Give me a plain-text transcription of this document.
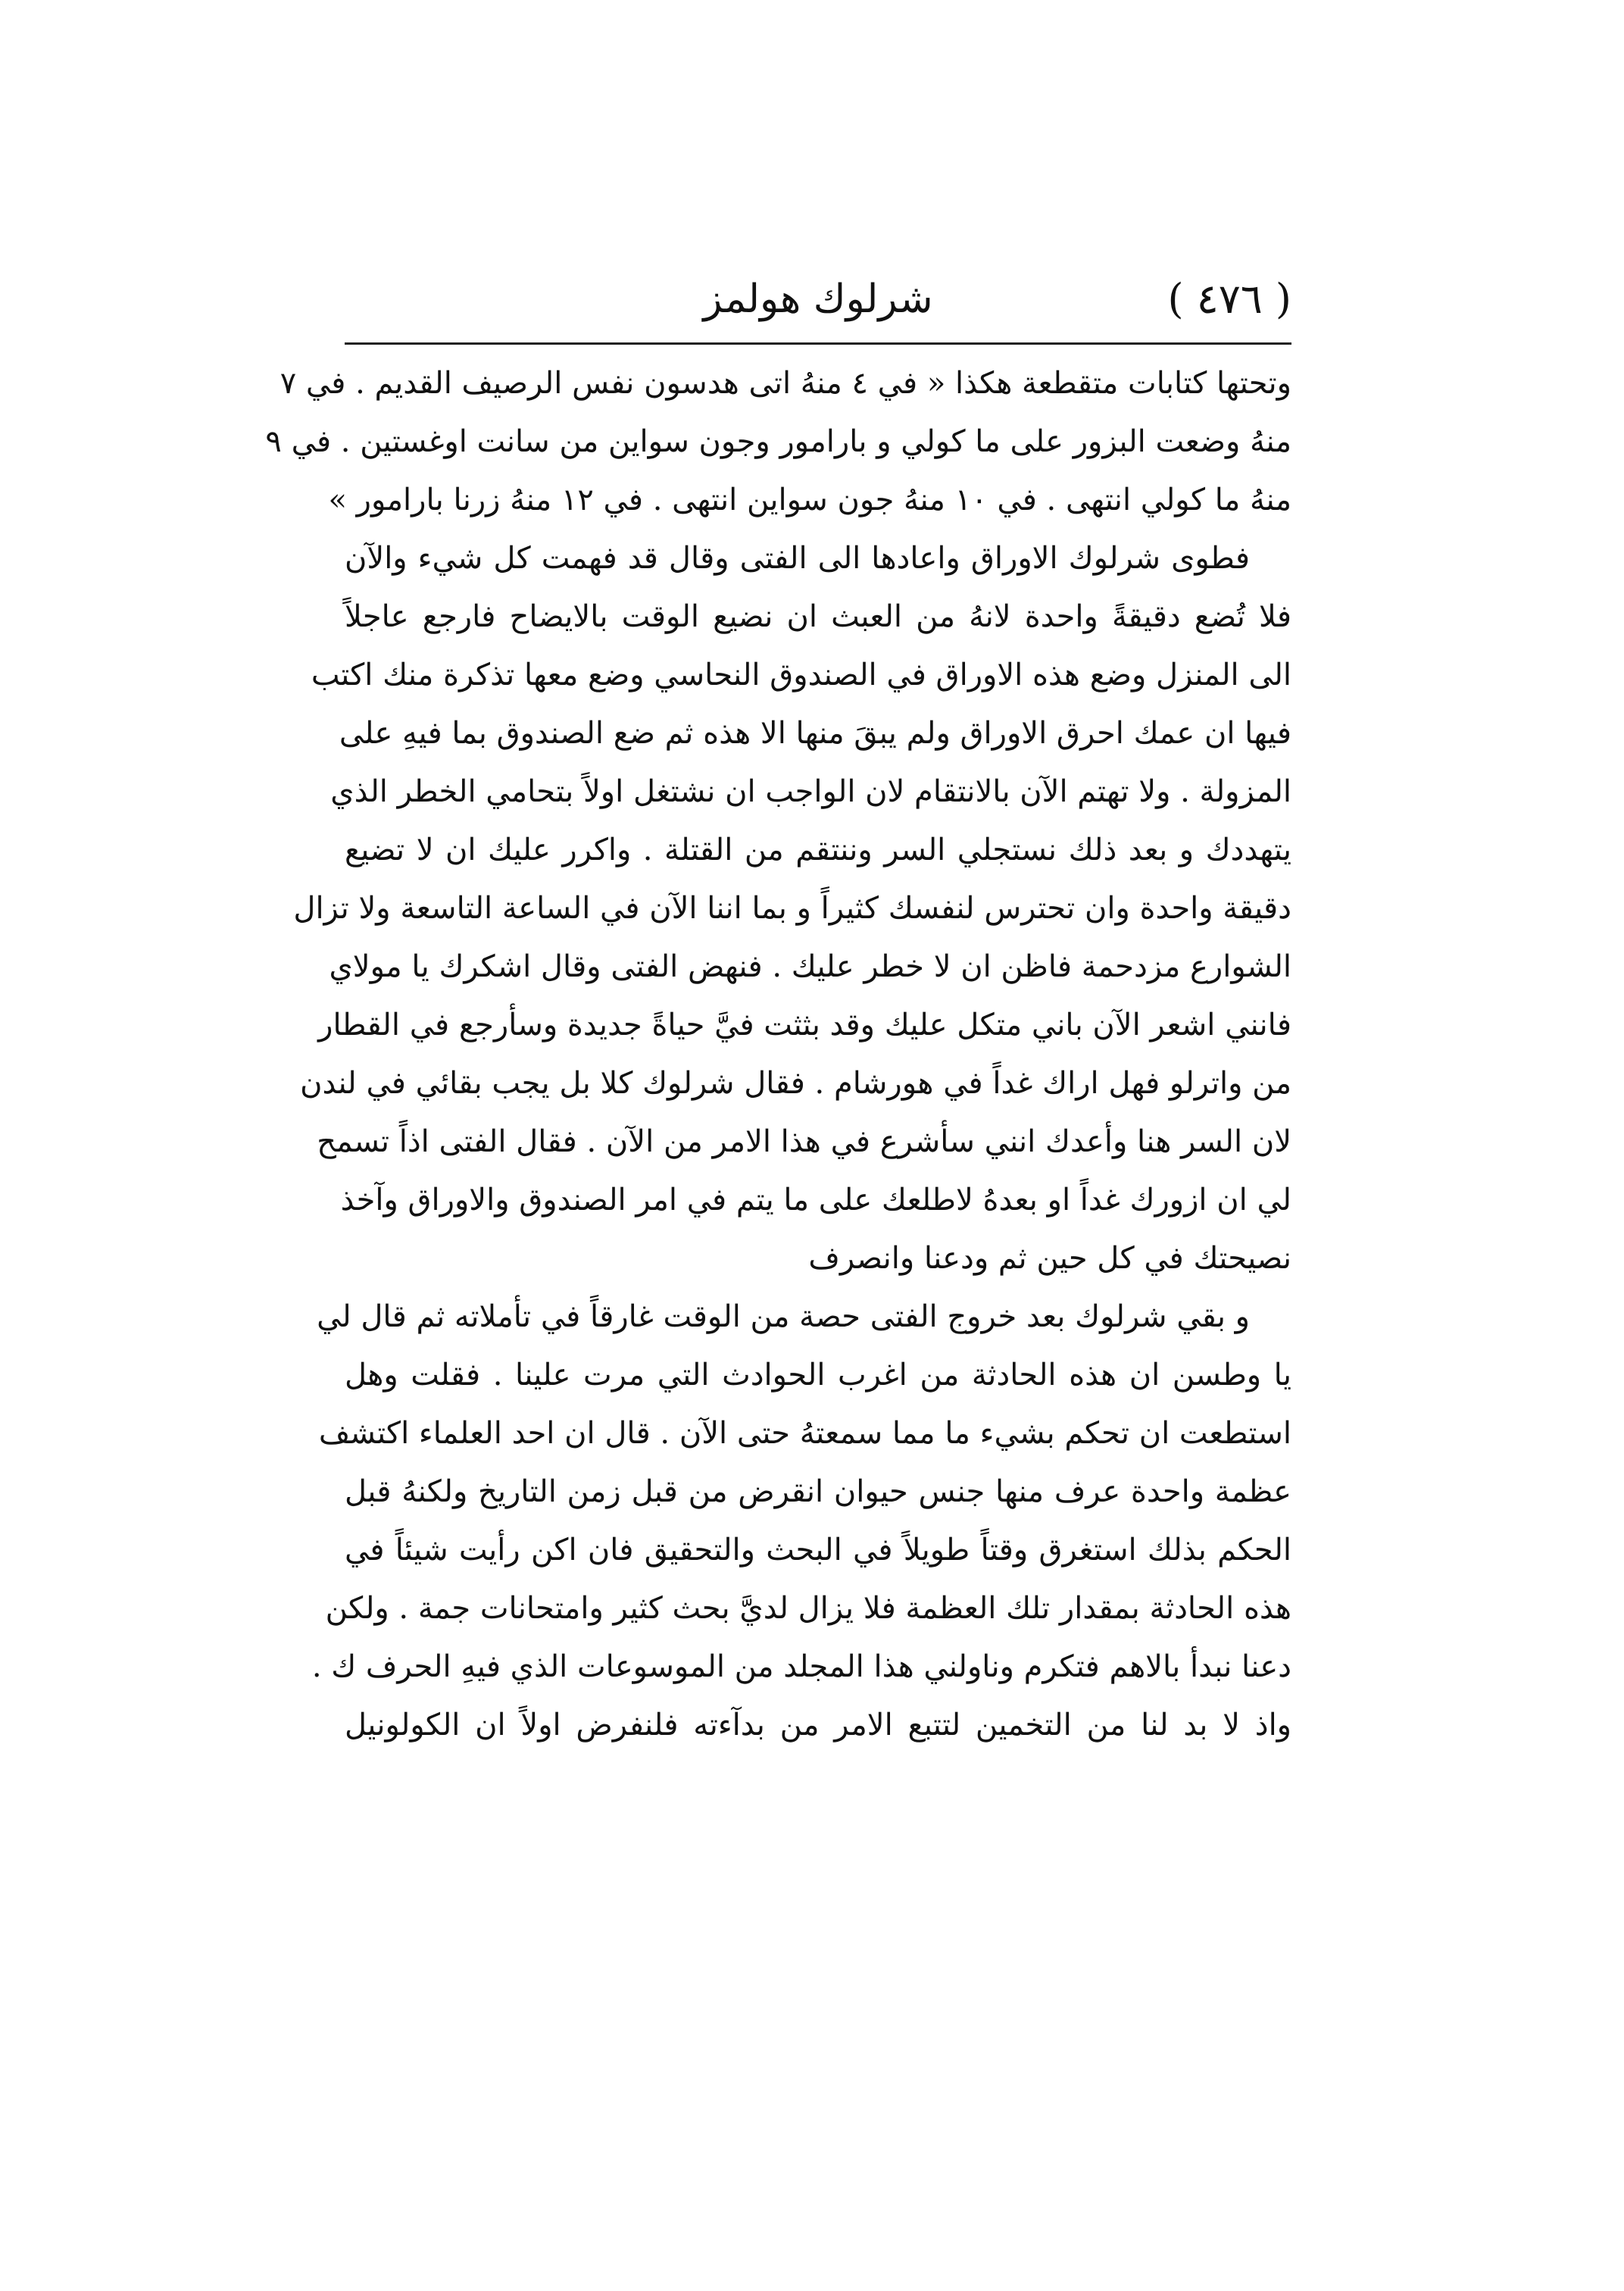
( ٤٧٦ )
شرلوك هولمز
وتحتها كتابات متقطعة هكذا « في ٤ منهُ اتى هدسون نفس الرصيف القديم . في ٧
منهُ وضعت البزور على ما كولي و بارامور وجون سواين من سانت اوغستين . في ٩
منهُ ما كولي انتهى . في ١٠ منهُ جون سواين انتهى . في ١٢ منهُ زرنا بارامور »
فطوى شرلوك الاوراق واعادها الى الفتى وقال قد فهمت كل شيء والآن
فلا تُضع دقيقةً واحدة لانهُ من العبث ان نضيع الوقت بالايضاح فارجع عاجلاً
الى المنزل وضع هذه الاوراق في الصندوق النحاسي وضع معها تذكرة منك اكتب
فيها ان عمك احرق الاوراق ولم يبقَ منها الا هذه ثم ضع الصندوق بما فيهِ على
المزولة . ولا تهتم الآن بالانتقام لان الواجب ان نشتغل اولاً بتحامي الخطر الذي
يتهددك و بعد ذلك نستجلي السر وننتقم من القتلة . واكرر عليك ان لا تضيع
دقيقة واحدة وان تحترس لنفسك كثيراً و بما اننا الآن في الساعة التاسعة ولا تزال
الشوارع مزدحمة فاظن ان لا خطر عليك . فنهض الفتى وقال اشكرك يا مولاي
فانني اشعر الآن باني متكل عليك وقد بثثت فيَّ حياةً جديدة وسأرجع في القطار
من واترلو فهل اراك غداً في هورشام . فقال شرلوك كلا بل يجب بقائي في لندن
لان السر هنا وأعدك انني سأشرع في هذا الامر من الآن . فقال الفتى اذاً تسمح
لي ان ازورك غداً او بعدهُ لاطلعك على ما يتم في امر الصندوق والاوراق وآخذ
نصيحتك في كل حين ثم ودعنا وانصرف
و بقي شرلوك بعد خروج الفتى حصة من الوقت غارقاً في تأملاته ثم قال لي
يا وطسن ان هذه الحادثة من اغرب الحوادث التي مرت علينا . فقلت وهل
استطعت ان تحكم بشيء ما مما سمعتهُ حتى الآن . قال ان احد العلماء اكتشف
عظمة واحدة عرف منها جنس حيوان انقرض من قبل زمن التاريخ ولكنهُ قبل
الحكم بذلك استغرق وقتاً طويلاً في البحث والتحقيق فان اكن رأيت شيئاً في
هذه الحادثة بمقدار تلك العظمة فلا يزال لديَّ بحث كثير وامتحانات جمة . ولكن
دعنا نبدأ بالاهم فتكرم وناولني هذا المجلد من الموسوعات الذي فيهِ الحرف ك .
واذ لا بد لنا من التخمين لتتبع الامر من بدآءته فلنفرض اولاً ان الكولونيل
